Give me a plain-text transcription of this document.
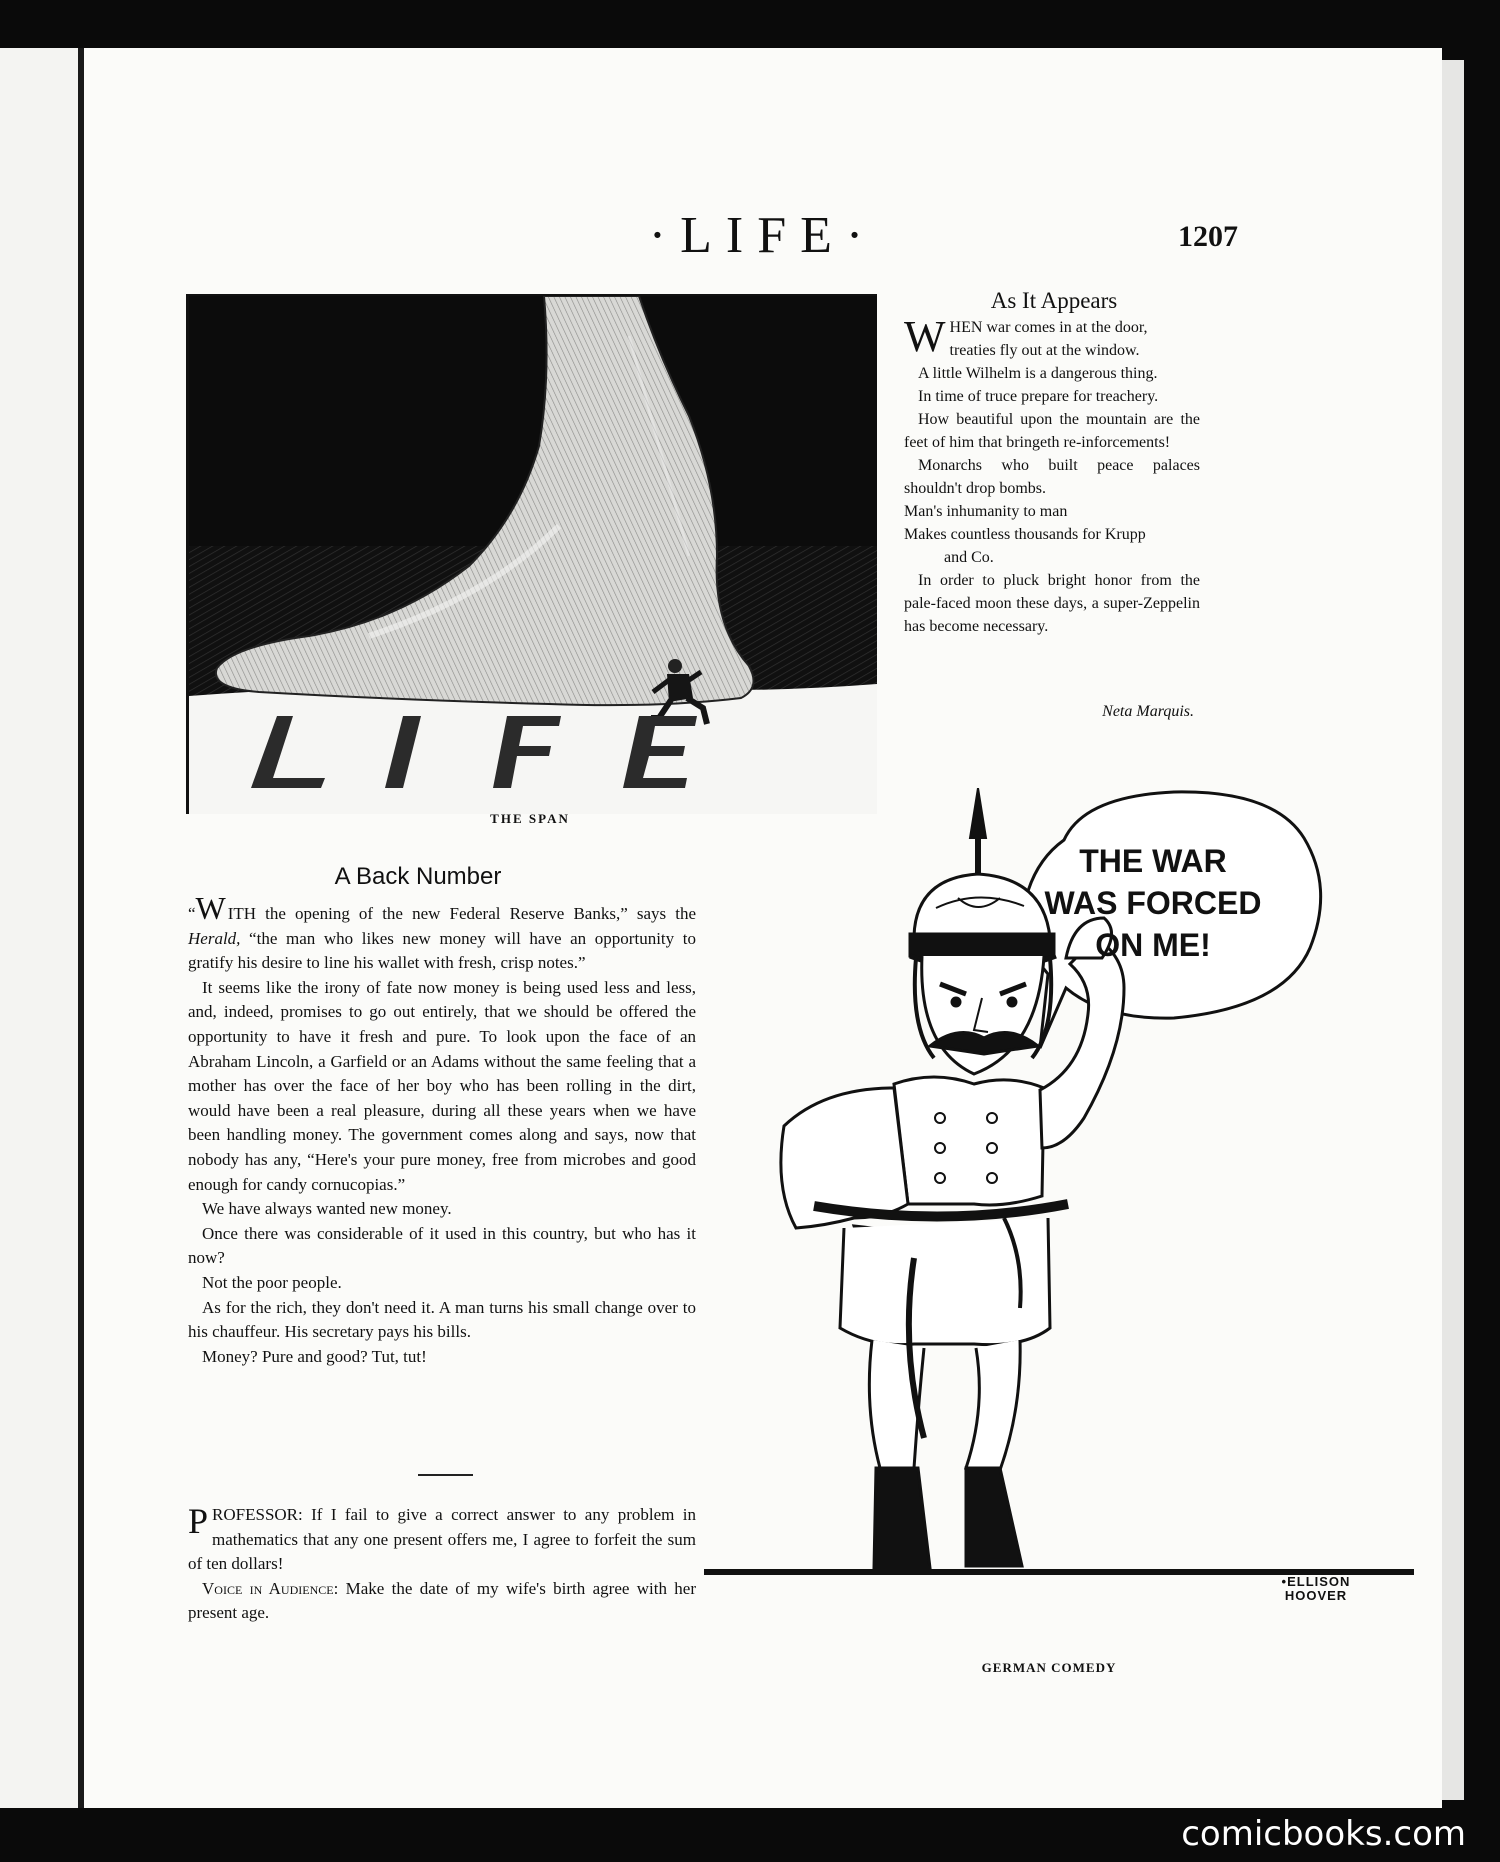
·LIFE·	1207
THE SPAN
As It Appears

WHEN war comes in at the door,

treaties fly out at the window.

A little Wilhelm is a dangerous thing.

In time of truce prepare for treachery.

How beautiful upon the mountain are the feet of him that bringeth re-inforcements!

Monarchs who built peace palaces shouldn't drop bombs.

Man's inhumanity to man

Makes countless thousands for Krupp

and Co.

In order to pluck bright honor from the pale-faced moon these days, a super-Zeppelin has become necessary.

Neta Marquis.
A Back Number

“W ITH the opening of the new Federal Reserve Banks,” says the Herald, “the man who likes new money will have an opportunity to gratify his desire to line his wallet with fresh, crisp notes.”

It seems like the irony of fate now money is being used less and less, and, indeed, promises to go out entirely, that we should be offered the opportunity to have it fresh and pure. To look upon the face of an Abraham Lincoln, a Garfield or an Adams without the same feeling that a mother has over the face of her boy who has been rolling in the dirt, would have been a real pleasure, during all these years when we have been handling money. The government comes along and says, now that nobody has any, “Here's your pure money, free from microbes and good enough for candy cornucopias.”

We have always wanted new money.

Once there was considerable of it used in this country, but who has it now?

Not the poor people.

As for the rich, they don't need it. A man turns his small change over to his chauffeur. His secretary pays his bills.

Money? Pure and good? Tut, tut!

PROFESSOR: If I fail to give a correct answer to any problem in mathematics that any one present offers me, I agree to forfeit the sum of ten dollars!

Voice in Audience: Make the date of my wife's birth agree with her present age.

THE WAR
WAS FORCED
ON ME!
•ELLISON
HOOVER
GERMAN COMEDY
comicbooks.com
